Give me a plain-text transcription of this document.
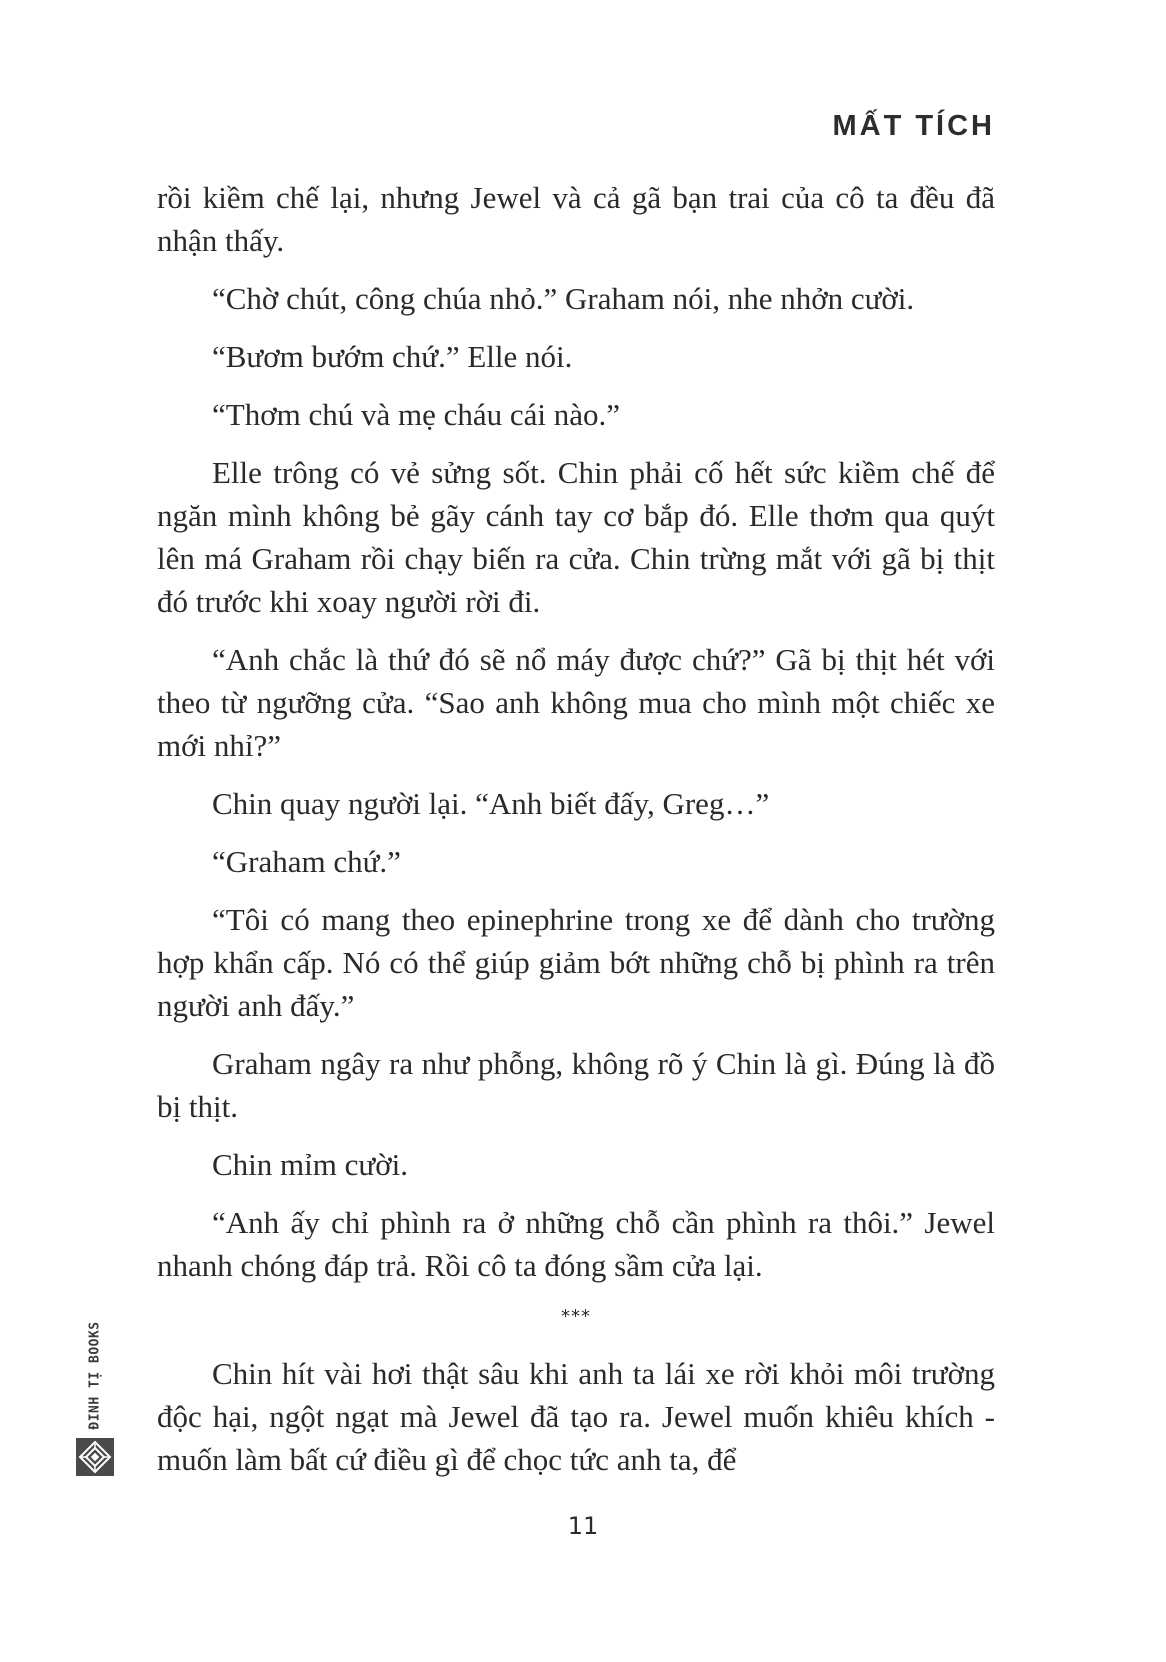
MẤT TÍCH

rồi kiềm chế lại, nhưng Jewel và cả gã bạn trai của cô ta đều đã nhận thấy.

“Chờ chút, công chúa nhỏ.” Graham nói, nhe nhởn cười.

“Bươm bướm chứ.” Elle nói.

“Thơm chú và mẹ cháu cái nào.”

Elle trông có vẻ sửng sốt. Chin phải cố hết sức kiềm chế để ngăn mình không bẻ gãy cánh tay cơ bắp đó. Elle thơm qua quýt lên má Graham rồi chạy biến ra cửa. Chin trừng mắt với gã bị thịt đó trước khi xoay người rời đi.

“Anh chắc là thứ đó sẽ nổ máy được chứ?” Gã bị thịt hét với theo từ ngưỡng cửa. “Sao anh không mua cho mình một chiếc xe mới nhỉ?”

Chin quay người lại. “Anh biết đấy, Greg…”

“Graham chứ.”

“Tôi có mang theo epinephrine trong xe để dành cho trường hợp khẩn cấp. Nó có thể giúp giảm bớt những chỗ bị phình ra trên người anh đấy.”

Graham ngây ra như phỗng, không rõ ý Chin là gì. Đúng là đồ bị thịt.

Chin mỉm cười.

“Anh ấy chỉ phình ra ở những chỗ cần phình ra thôi.” Jewel nhanh chóng đáp trả. Rồi cô ta đóng sầm cửa lại.

***

Chin hít vài hơi thật sâu khi anh ta lái xe rời khỏi môi trường độc hại, ngột ngạt mà Jewel đã tạo ra. Jewel muốn khiêu khích - muốn làm bất cứ điều gì để chọc tức anh ta, để

ĐINH TỊ BOOKS
11
